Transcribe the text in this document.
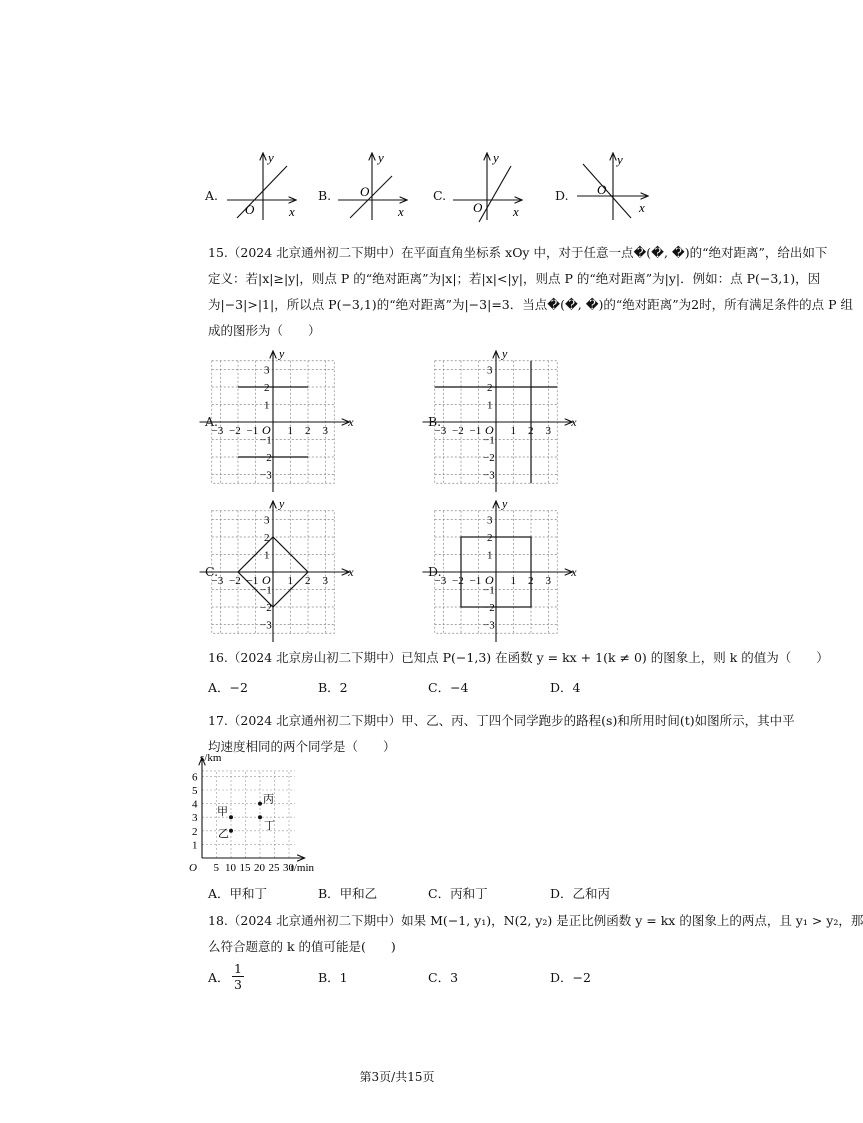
A.
y
x
O
B.
y
x
O	C.
y
x
O
D.
y
x
O
15.（2024 北京通州初二下期中）在平面直角坐标系 xOy 中，对于任意一点�(�, �)的“绝对距离”，给出如下
定义：若|x|≥|y|，则点 P 的“绝对距离”为|x|；若|x|<|y|，则点 P 的“绝对距离”为|y|．例如：点 P(−3,1)，因
为|−3|>|1|，所以点 P(−3,1)的“绝对距离”为|−3|=3．当点�(�, �)的“绝对距离”为2时，所有满足条件的点 P 组
成的图形为（　　）
A.	x
y
O
−3 −2 −1	1 2 3
3
2
1
−1
−2
−3
B.	x
y
O
−3 −2 −1	1 2 3
3
2
1
−1
−2
−3
C.	x
y
O
−3 −2 −1	1 2 3
3
2
1
−1
−2
−3
D.	x
y
O
−3 −2 −1	1 2 3
3
2
1
−1
−2
−3
16.（2024 北京房山初二下期中）已知点 P(−1,3) 在函数 y = kx + 1(k ≠ 0) 的图象上，则 k 的值为（　　）
A．−2	B．2	C．−4	D．4
17.（2024 北京通州初二下期中）甲、乙、丙、丁四个同学跑步的路程(s)和所用时间(t)如图所示，其中平
均速度相同的两个同学是（　　）
s/km
t/min
O
1
2
3
4
5
6
5 10 15 20 25 30
甲
乙
丙
丁
A．甲和丁	B．甲和乙	C．丙和丁	D．乙和丙
18.（2024 北京通州初二下期中）如果 M(−1, y₁)，N(2, y₂) 是正比例函数 y = kx 的图象上的两点，且 y₁ > y₂，那
么符合题意的 k 的值可能是(　　)
A．
1
3	B．1	C．3	D．−2
第3页/共15页
